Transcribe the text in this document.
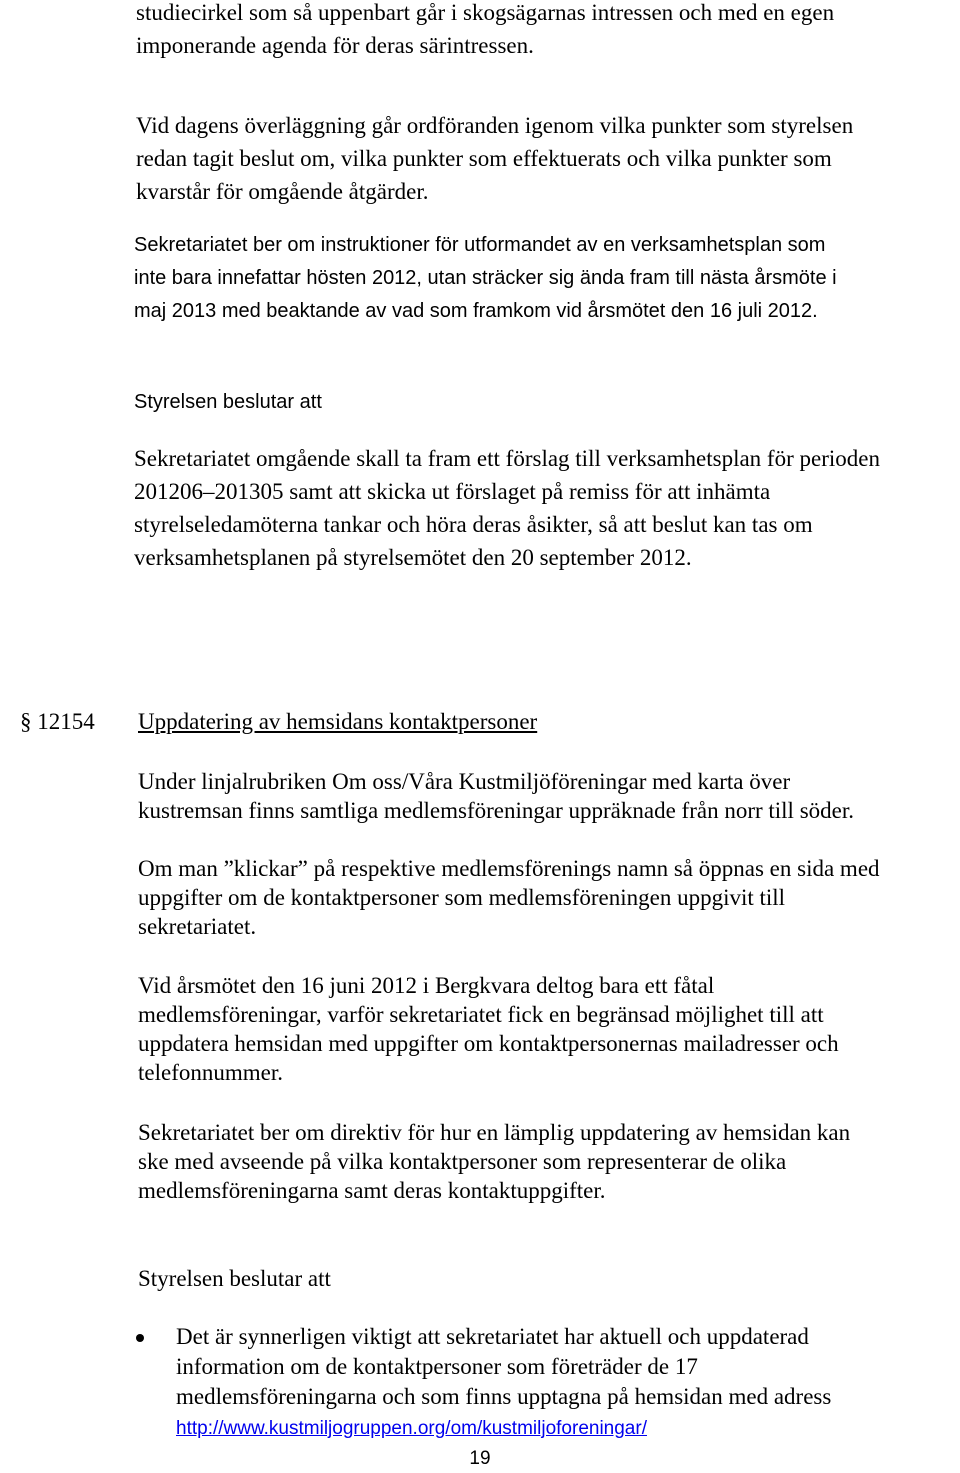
studiecirkel som så uppenbart går i skogsägarnas intressen och med en egen
imponerande agenda för deras särintressen.
Vid dagens överläggning går ordföranden igenom vilka punkter som styrelsen
redan tagit beslut om, vilka punkter som effektuerats och vilka punkter som
kvarstår för omgående åtgärder.
Sekretariatet ber om instruktioner för utformandet av en verksamhetsplan som
inte bara innefattar hösten 2012, utan sträcker sig ända fram till nästa årsmöte i
maj 2013 med beaktande av vad som framkom vid årsmötet den 16 juli 2012.
Styrelsen beslutar att
Sekretariatet omgående skall ta fram ett förslag till verksamhetsplan för perioden
201206–201305 samt att skicka ut förslaget på remiss för att inhämta
styrelseledamöterna tankar och höra deras åsikter, så att beslut kan tas om
verksamhetsplanen på styrelsemötet den 20 september 2012.
§ 12154 Uppdatering av hemsidans kontaktpersoner
Under linjalrubriken Om oss/Våra Kustmiljöföreningar med karta över
kustremsan finns samtliga medlemsföreningar uppräknade från norr till söder.
Om man ”klickar” på respektive medlemsförenings namn så öppnas en sida med
uppgifter om de kontaktpersoner som medlemsföreningen uppgivit till
sekretariatet.
Vid årsmötet den 16 juni 2012 i Bergkvara deltog bara ett fåtal
medlemsföreningar, varför sekretariatet fick en begränsad möjlighet till att
uppdatera hemsidan med uppgifter om kontaktpersonernas mailadresser och
telefonnummer.
Sekretariatet ber om direktiv för hur en lämplig uppdatering av hemsidan kan
ske med avseende på vilka kontaktpersoner som representerar de olika
medlemsföreningarna samt deras kontaktuppgifter.
Styrelsen beslutar att
Det är synnerligen viktigt att sekretariatet har aktuell och uppdaterad
information om de kontaktpersoner som företräder de 17
medlemsföreningarna och som finns upptagna på hemsidan med adress
http://www.kustmiljogruppen.org/om/kustmiljoforeningar/
19
